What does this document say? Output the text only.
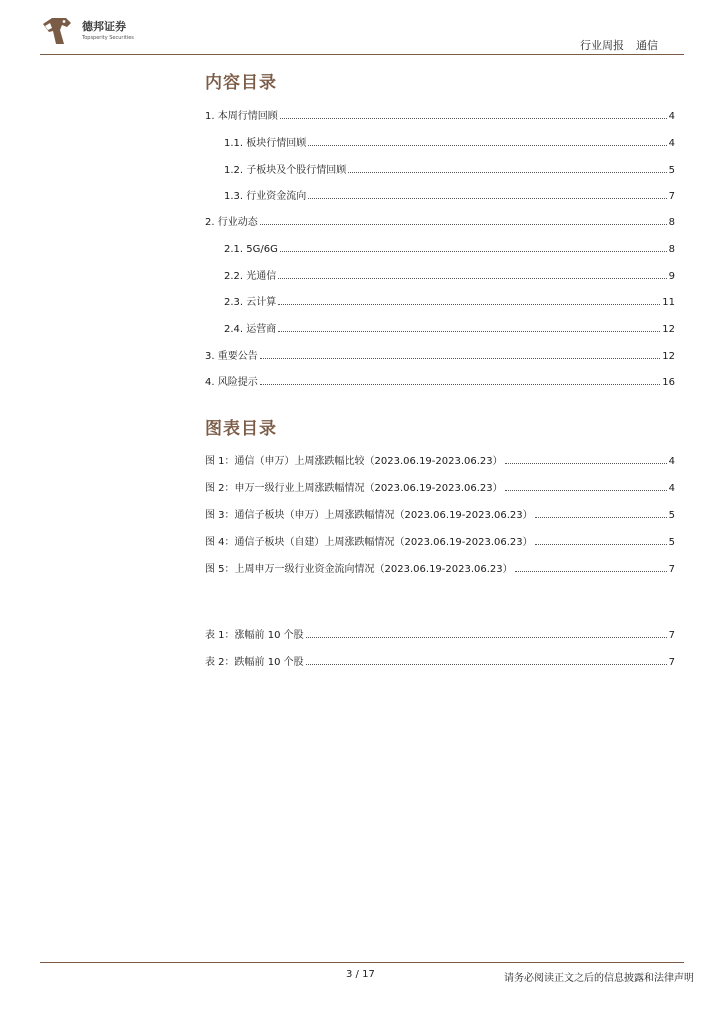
德邦证券
Topsperity Securities
行业周报 通信
内容目录
1. 本周行情回顾	4
1.1. 板块行情回顾	4
1.2. 子板块及个股行情回顾	5
1.3. 行业资金流向	7
2. 行业动态	8
2.1. 5G/6G	8
2.2. 光通信	9
2.3. 云计算	11
2.4. 运营商	12
3. 重要公告	12
4. 风险提示	16
图表目录
图 1：通信（申万）上周涨跌幅比较（2023.06.19-2023.06.23）	4
图 2：申万一级行业上周涨跌幅情况（2023.06.19-2023.06.23）	4
图 3：通信子板块（申万）上周涨跌幅情况（2023.06.19-2023.06.23）	5
图 4：通信子板块（自建）上周涨跌幅情况（2023.06.19-2023.06.23）	5
图 5：上周申万一级行业资金流向情况（2023.06.19-2023.06.23）	7
表 1：涨幅前 10 个股	7
表 2：跌幅前 10 个股	7
3 / 17	请务必阅读正文之后的信息披露和法律声明
